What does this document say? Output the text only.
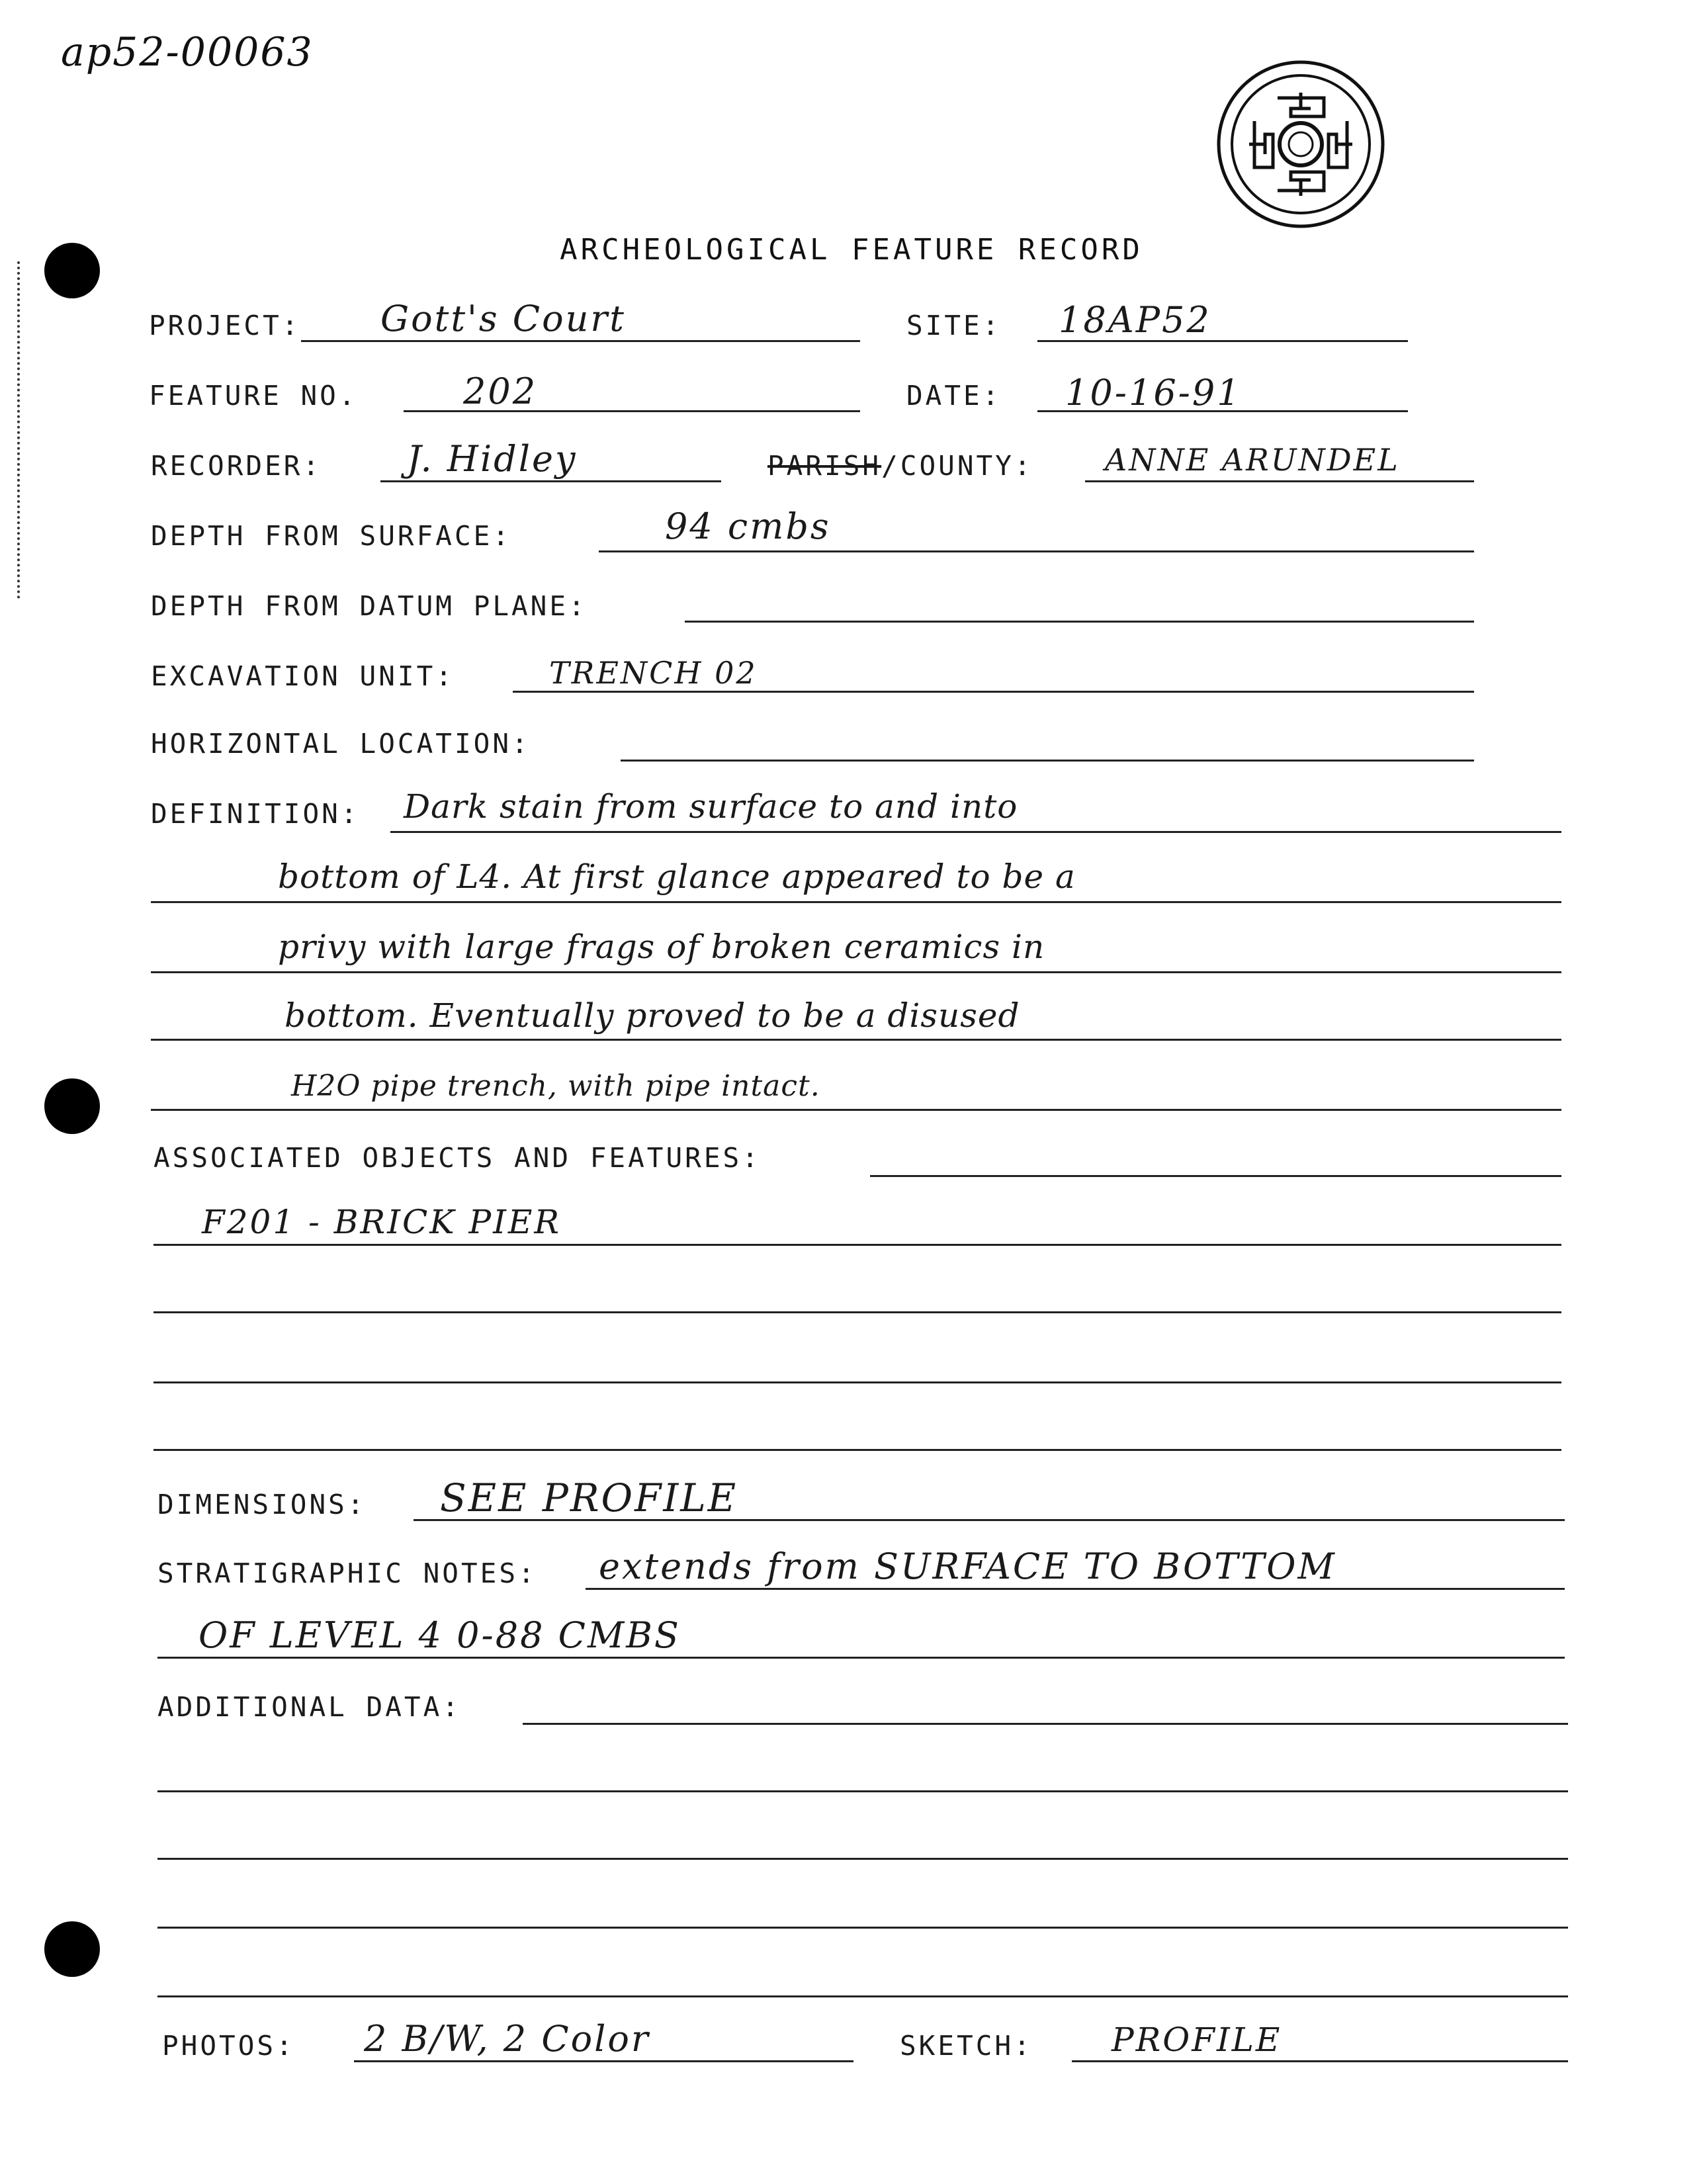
ap52-00063
ARCHEOLOGICAL FEATURE RECORD
PROJECT: Gott's Court	SITE: 18AP52
FEATURE NO.	202	DATE: 10-16-91
RECORDER: J. Hidley	PARISH/COUNTY: ANNE ARUNDEL
DEPTH FROM SURFACE:	94 cmbs
DEPTH FROM DATUM PLANE:
EXCAVATION UNIT:	TRENCH 02
HORIZONTAL LOCATION:
DEFINITION: Dark stain from surface to and into
bottom of L4. At first glance appeared to be a
privy with large frags of broken ceramics in
bottom. Eventually proved to be a disused
H2O pipe trench, with pipe intact.
ASSOCIATED OBJECTS AND FEATURES:
F201 - BRICK PIER
DIMENSIONS: SEE PROFILE
STRATIGRAPHIC NOTES: extends from SURFACE TO BOTTOM
OF LEVEL 4 0-88 CMBS
ADDITIONAL DATA:
PHOTOS: 2 B/W, 2 Color	SKETCH: PROFILE
